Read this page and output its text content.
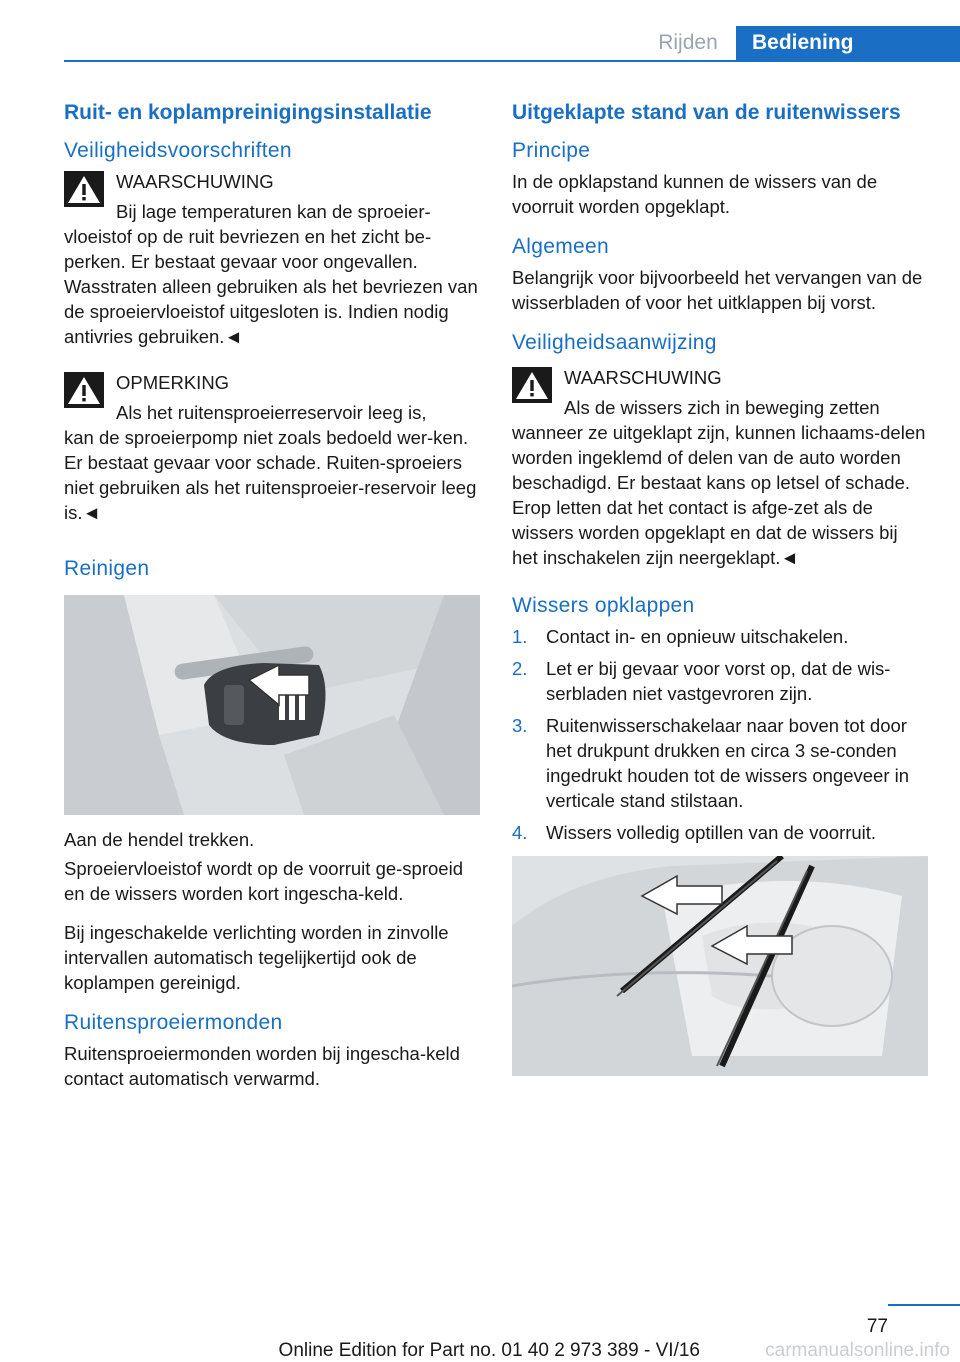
Rijden	Bediening
Ruit- en koplampreinigingsinstallatie
Veiligheidsvoorschriften
WAARSCHUWING
Bij lage temperaturen kan de sproeier-

vloeistof op de ruit bevriezen en het zicht be-perken. Er bestaat gevaar voor ongevallen. Wasstraten alleen gebruiken als het bevriezen van de sproeiervloeistof uitgesloten is. Indien nodig antivries gebruiken.◄

OPMERKING
Als het ruitensproeierreservoir leeg is,

kan de sproeierpomp niet zoals bedoeld wer-ken. Er bestaat gevaar voor schade. Ruiten-sproeiers niet gebruiken als het ruitensproeier-reservoir leeg is.◄

Reinigen

Aan de hendel trekken.

Sproeiervloeistof wordt op de voorruit ge-sproeid en de wissers worden kort ingescha-keld.

Bij ingeschakelde verlichting worden in zinvolle intervallen automatisch tegelijkertijd ook de koplampen gereinigd.

Ruitensproeiermonden

Ruitensproeiermonden worden bij ingescha-keld contact automatisch verwarmd.

Uitgeklapte stand van de ruitenwissers
Principe

In de opklapstand kunnen de wissers van de voorruit worden opgeklapt.

Algemeen

Belangrijk voor bijvoorbeeld het vervangen van de wisserbladen of voor het uitklappen bij vorst.

Veiligheidsaanwijzing
WAARSCHUWING
Als de wissers zich in beweging zetten

wanneer ze uitgeklapt zijn, kunnen lichaams-delen worden ingeklemd of delen van de auto worden beschadigd. Er bestaat kans op letsel of schade. Erop letten dat het contact is afge-zet als de wissers worden opgeklapt en dat de wissers bij het inschakelen zijn neergeklapt.◄

Wissers opklappen
1. Contact in- en opnieuw uitschakelen.
2. Let er bij gevaar voor vorst op, dat de wis-serbladen niet vastgevroren zijn.
3. Ruitenwisserschakelaar naar boven tot door het drukpunt drukken en circa 3 se-conden ingedrukt houden tot de wissers ongeveer in verticale stand stilstaan.
4. Wissers volledig optillen van de voorruit.
77
Online Edition for Part no. 01 40 2 973 389 - VI/16	carmanualsonline.info
